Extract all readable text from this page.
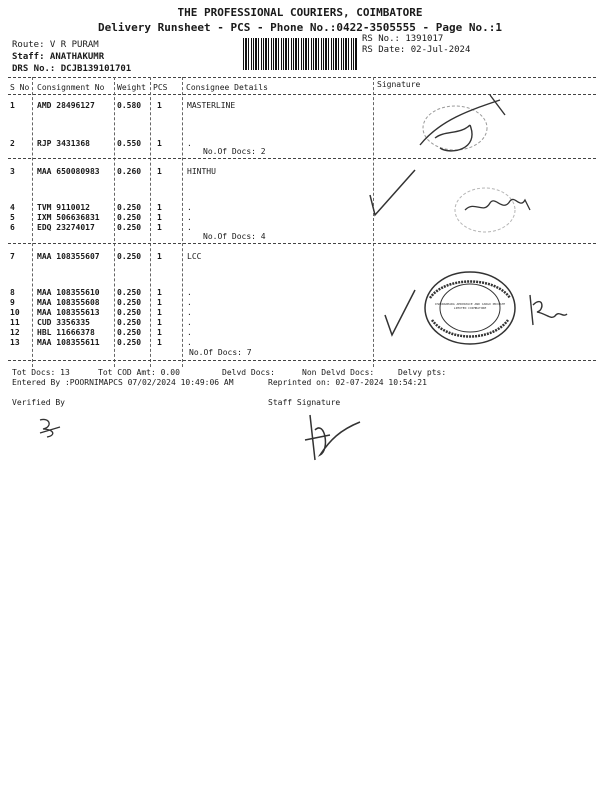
THE PROFESSIONAL COURIERS, COIMBATORE
Delivery Runsheet - PCS - Phone No.:0422-3505555 - Page No.:1
Route: V R PURAM
Staff: ANATHAKUMR
DRS No.: DCJB139101701
RS No.: 1391017
RS Date: 02-Jul-2024
S No Consignment No Weight PCS Consignee Details	Signature
1	AMD 28496127	0.580 1	MASTERLINE
2	RJP 3431368	0.550 1	.
No.Of Docs: 2
3	MAA 650080983 0.260 1	HINTHU
4	TVM 9110012	0.250 1	.
5	IXM 506636831 0.250 1	.
6	EDQ 23274017	0.250 1	.
No.Of Docs: 4
7	MAA 108355607 0.250 1	LCC
8	MAA 108355610 0.250 1	.
9	MAA 108355608 0.250 1	.
10 MAA 108355613 0.250 1	.
11 CUD 3356335	0.250 1	.
12 HBL 11666378	0.250 1	.
13 MAA 108355611 0.250 1	.
No.Of Docs: 7
CHAKRADHARA AEROSPACE AND CARGO PRIVATE LIMITED COIMBATORE
Tot Docs: 13	Tot COD Amt: 0.00	Delvd Docs:	Non Delvd Docs:	Delvy pts:
Entered By :POORNIMAPCS 07/02/2024 10:49:06 AM	Reprinted on: 02-07-2024 10:54:21
Verified By	Staff Signature
